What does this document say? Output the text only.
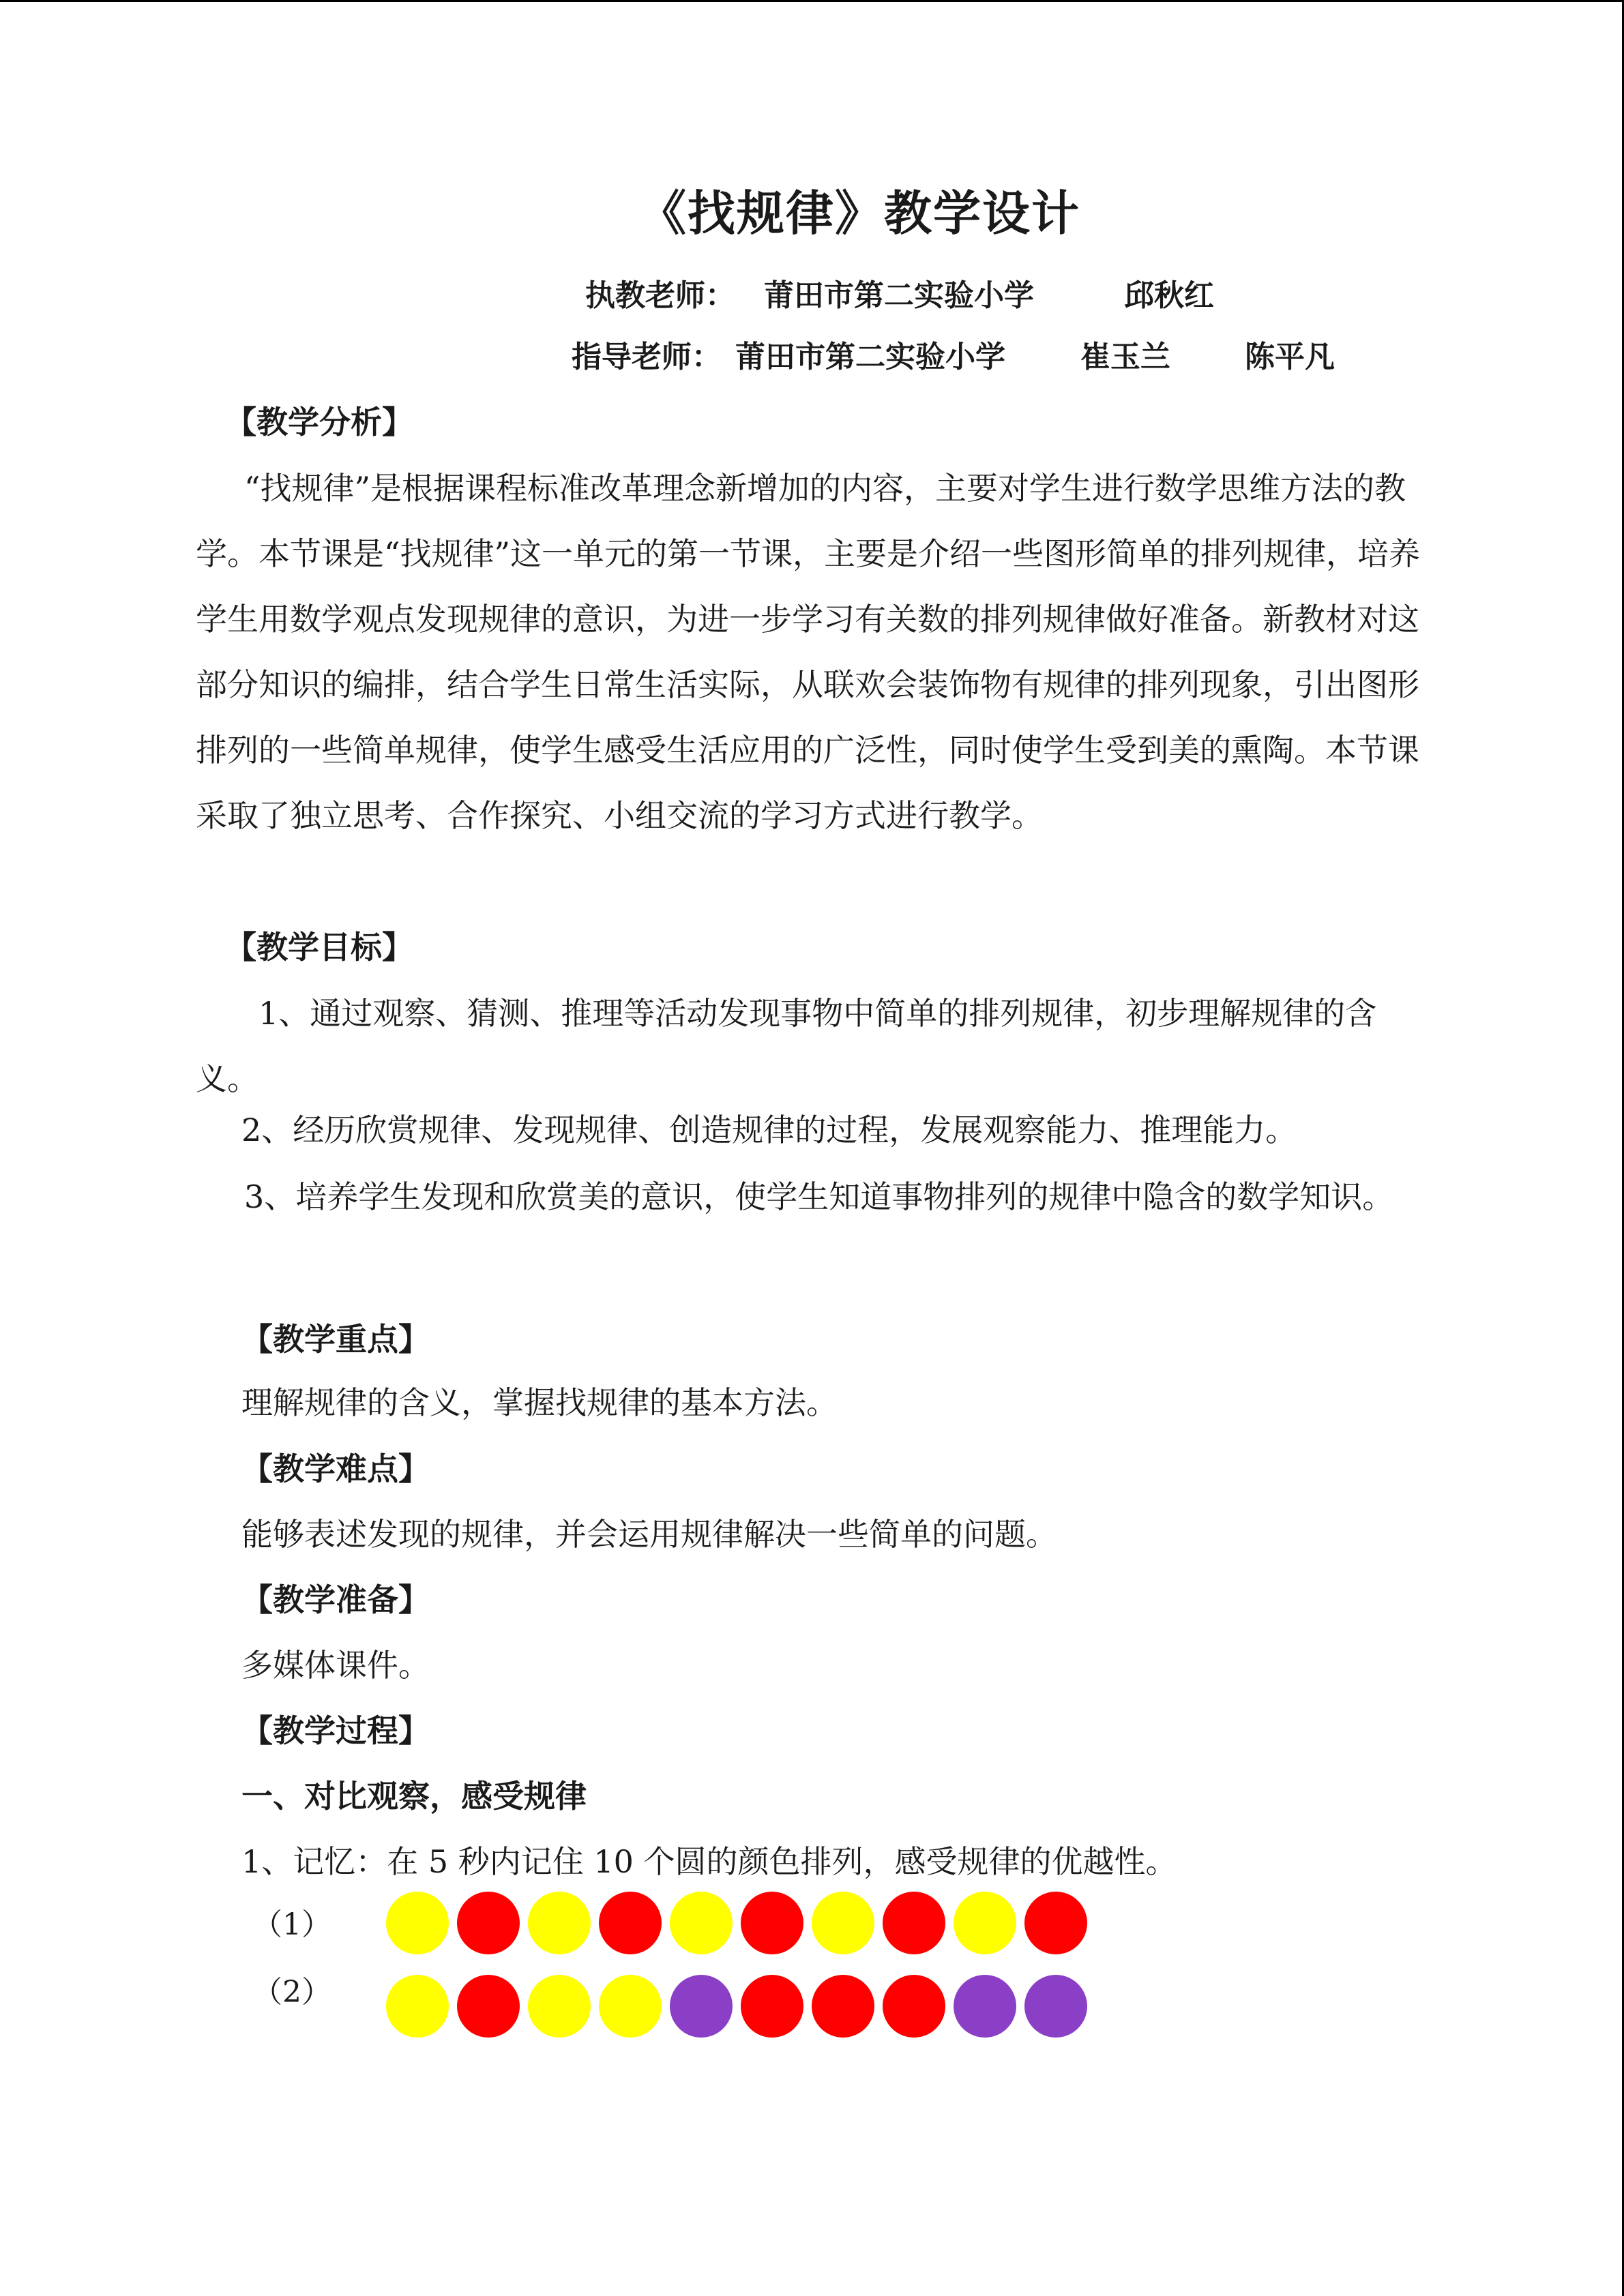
《找规律》教学设计
执教老师： 莆田市第二实验小学	邱秋红
指导老师： 莆田市第二实验小学	崔玉兰 陈平凡
【教学分析】
“找规律”是根据课程标准改革理念新增加的内容，主要对学生进行数学思维方法的教学。本节课是“找规律”这一单元的第一节课，主要是介绍一些图形简单的排列规律，培养学生用数学观点发现规律的意识，为进一步学习有关数的排列规律做好准备。新教材对这部分知识的编排，结合学生日常生活实际，从联欢会装饰物有规律的排列现象，引出图形排列的一些简单规律，使学生感受生活应用的广泛性，同时使学生受到美的熏陶。本节课采取了独立思考、合作探究、小组交流的学习方式进行教学。
【教学目标】
1、通过观察、猜测、推理等活动发现事物中简单的排列规律，初步理解规律的含义。
2、经历欣赏规律、发现规律、创造规律的过程，发展观察能力、推理能力。
3、培养学生发现和欣赏美的意识，使学生知道事物排列的规律中隐含的数学知识。
【教学重点】
理解规律的含义，掌握找规律的基本方法。
【教学难点】
能够表述发现的规律，并会运用规律解决一些简单的问题。
【教学准备】
多媒体课件。
【教学过程】
一、对比观察，感受规律
1、记忆：在 5 秒内记住 10 个圆的颜色排列，感受规律的优越性。
（1）
（2）
